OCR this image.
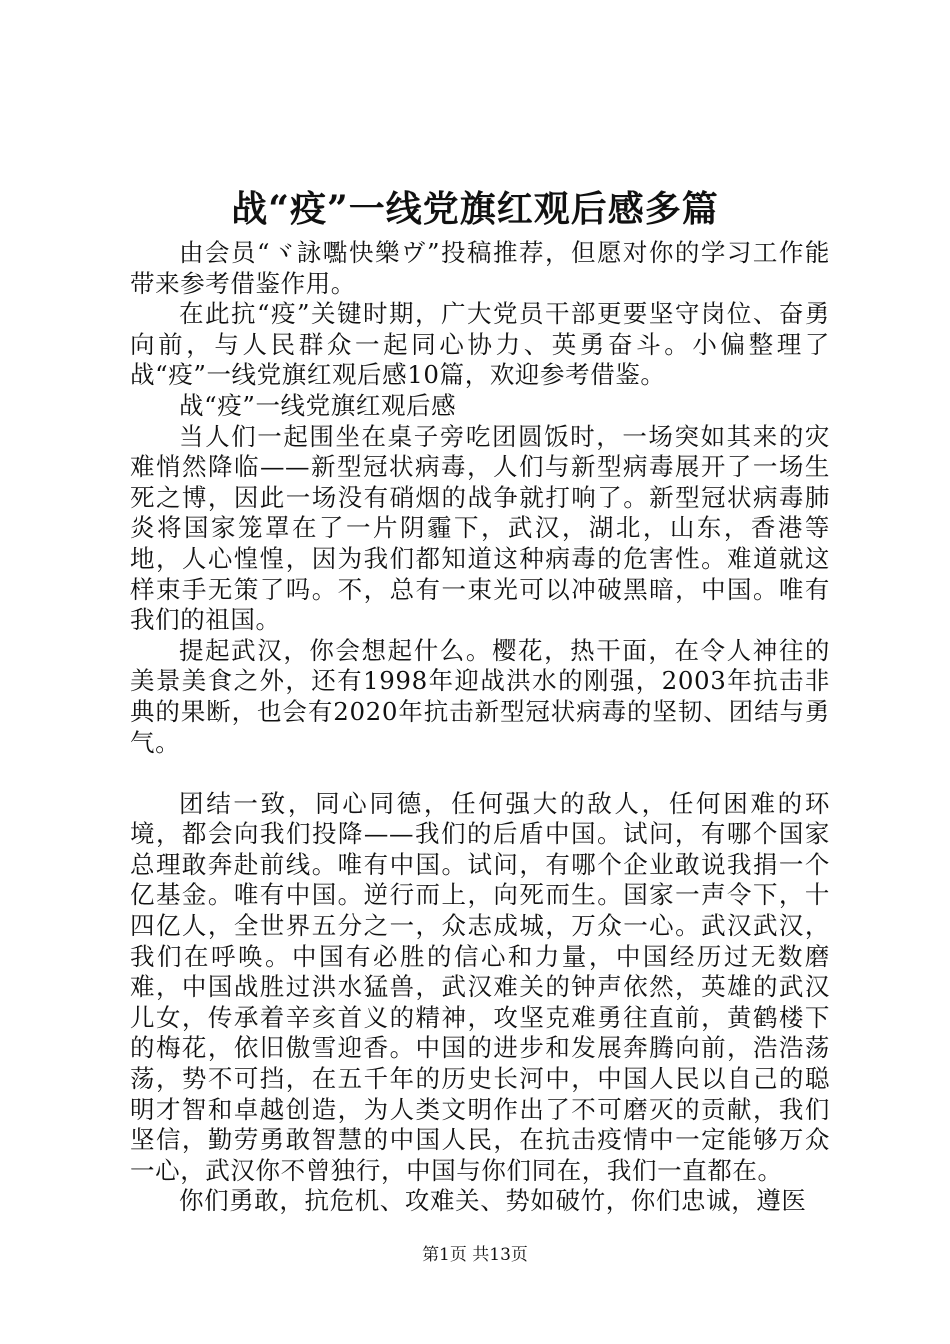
战“疫”一线党旗红观后感多篇

由会员“ヾ詠嚸快樂ヴ”投稿推荐，但愿对你的学习工作能带来参考借鉴作用。

在此抗“疫”关键时期，广大党员干部更要坚守岗位、奋勇向前，与人民群众一起同心协力、英勇奋斗。小偏整理了战“疫”一线党旗红观后感10篇，欢迎参考借鉴。

战“疫”一线党旗红观后感

当人们一起围坐在桌子旁吃团圆饭时，一场突如其来的灾难悄然降临——新型冠状病毒，人们与新型病毒展开了一场生死之博，因此一场没有硝烟的战争就打响了。新型冠状病毒肺炎将国家笼罩在了一片阴霾下，武汉，湖北，山东，香港等地，人心惶惶，因为我们都知道这种病毒的危害性。难道就这样束手无策了吗。不，总有一束光可以冲破黑暗，中国。唯有我们的祖国。

提起武汉，你会想起什么。樱花，热干面，在令人神往的美景美食之外，还有1998年迎战洪水的刚强，2003年抗击非典的果断，也会有2020年抗击新型冠状病毒的坚韧、团结与勇气。

团结一致，同心同德，任何强大的敌人，任何困难的环境，都会向我们投降——我们的后盾中国。试问，有哪个国家总理敢奔赴前线。唯有中国。试问，有哪个企业敢说我捐一个亿基金。唯有中国。逆行而上，向死而生。国家一声令下，十四亿人，全世界五分之一，众志成城，万众一心。武汉武汉，我们在呼唤。中国有必胜的信心和力量，中国经历过无数磨难，中国战胜过洪水猛兽，武汉难关的钟声依然，英雄的武汉儿女，传承着辛亥首义的精神，攻坚克难勇往直前，黄鹤楼下的梅花，依旧傲雪迎香。中国的进步和发展奔腾向前，浩浩荡荡，势不可挡，在五千年的历史长河中，中国人民以自己的聪明才智和卓越创造，为人类文明作出了不可磨灭的贡献，我们坚信，勤劳勇敢智慧的中国人民，在抗击疫情中一定能够万众一心，武汉你不曾独行，中国与你们同在，我们一直都在。

你们勇敢，抗危机、攻难关、势如破竹，你们忠诚，遵医

第1页 共13页
